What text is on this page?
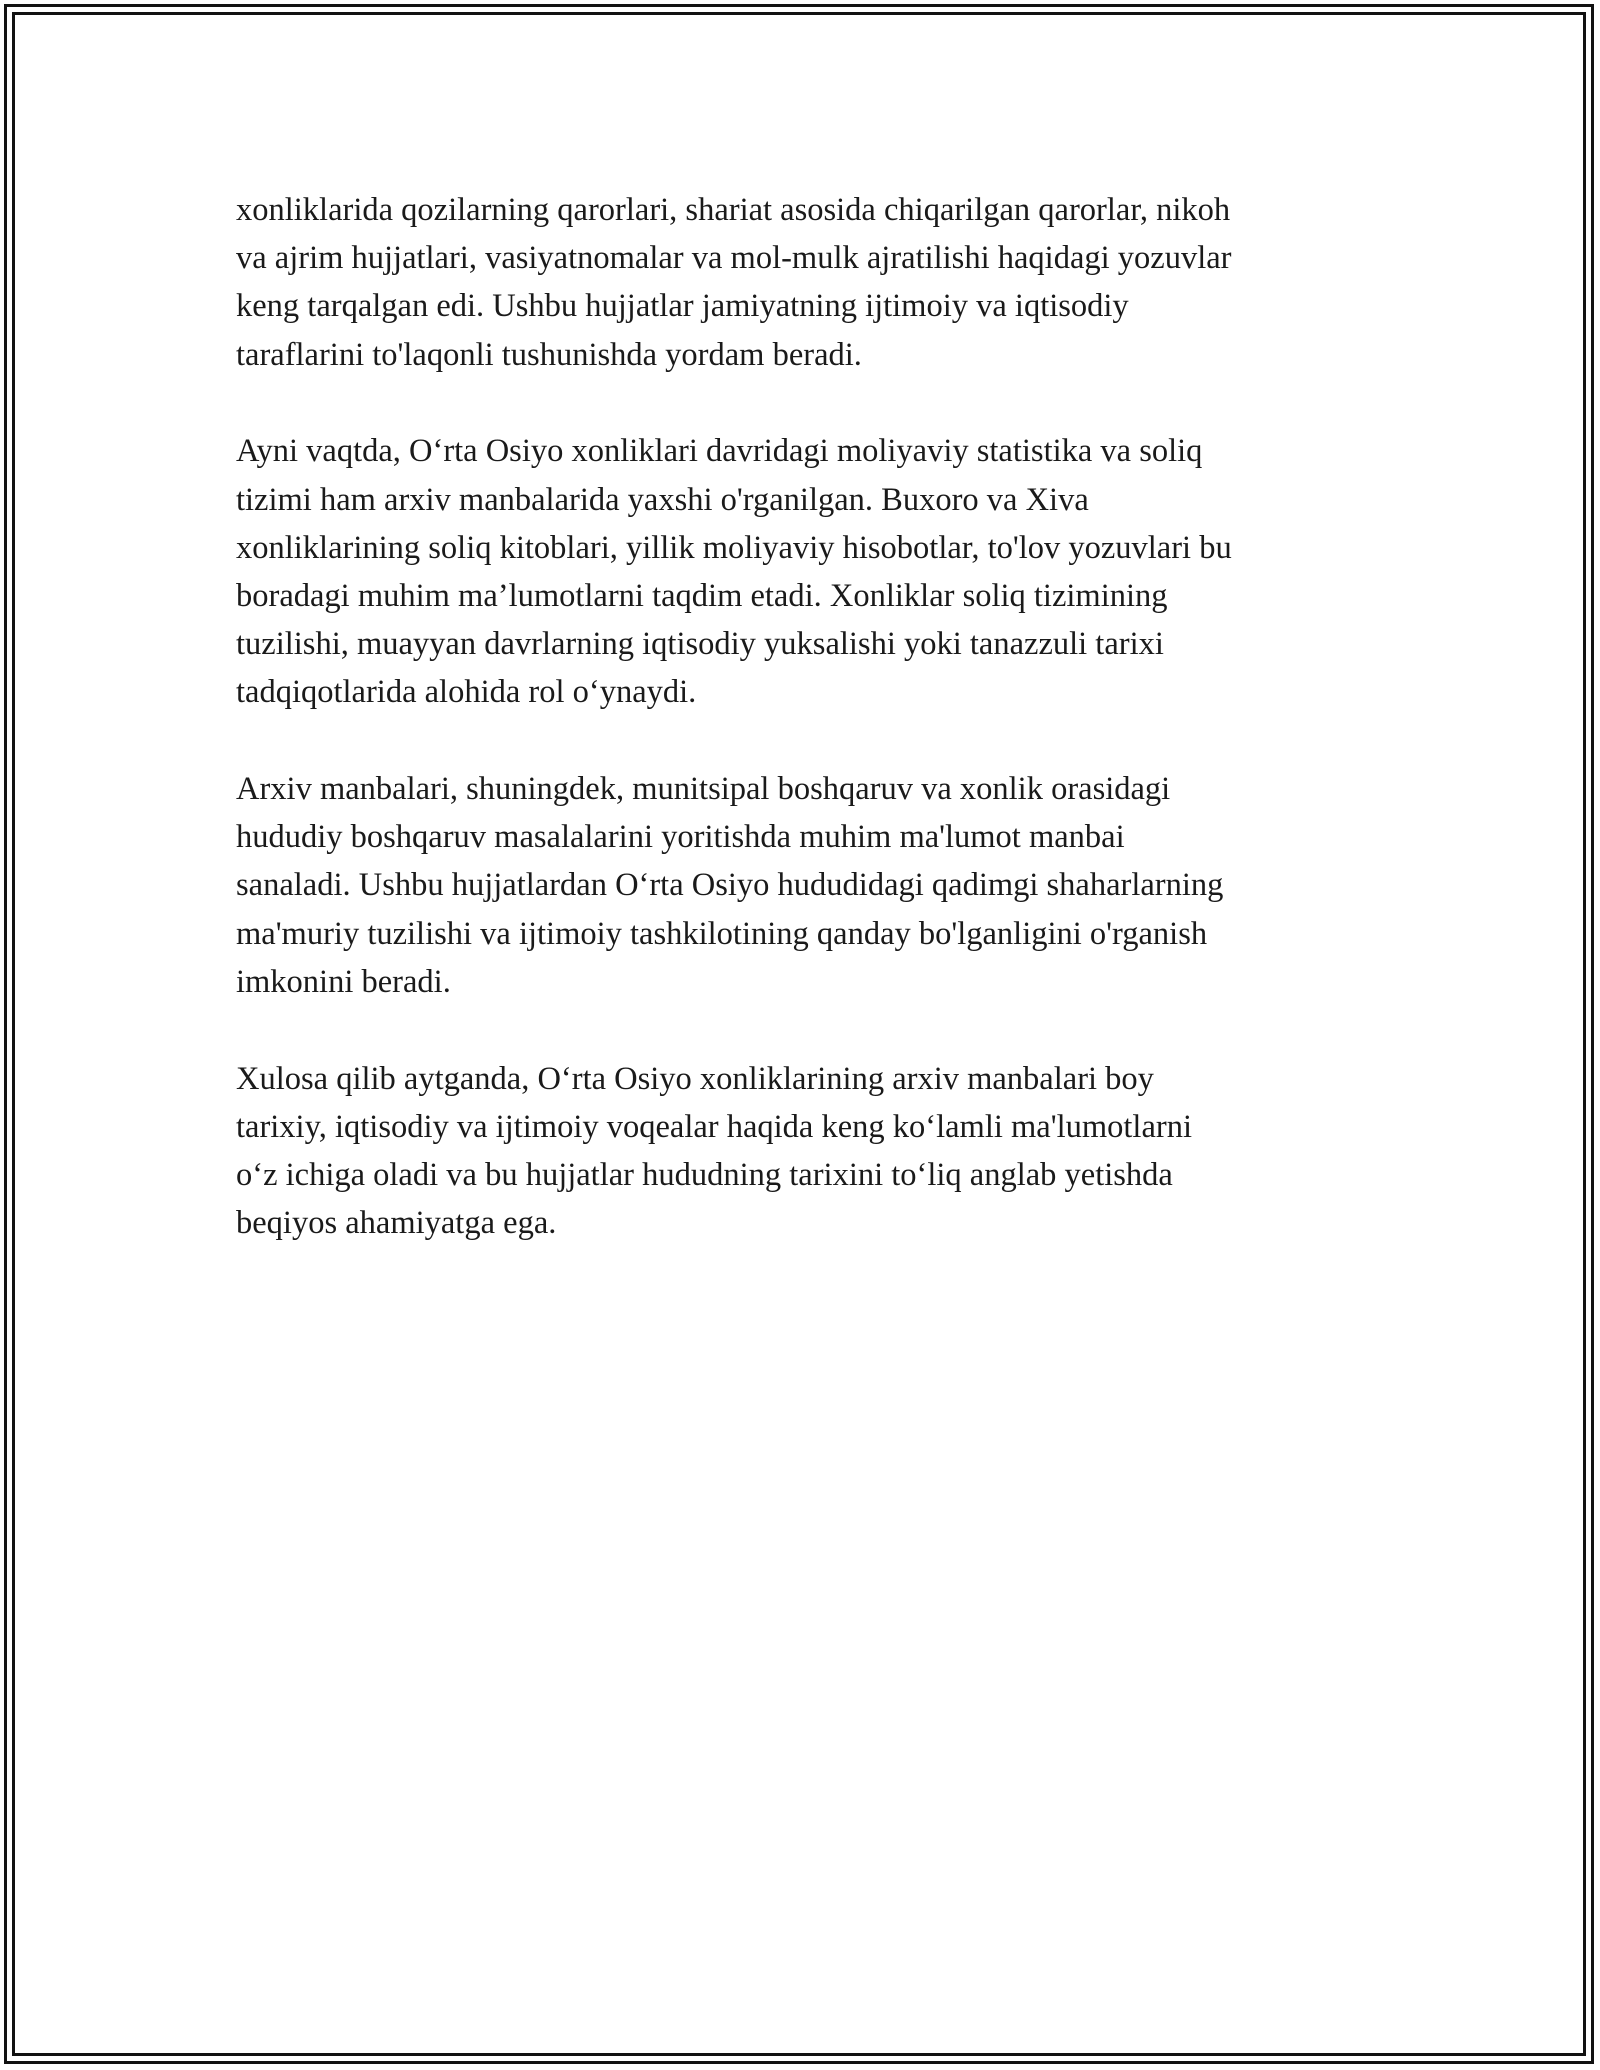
xonliklarida qozilarning qarorlari, shariat asosida chiqarilgan qarorlar, nikoh
va ajrim hujjatlari, vasiyatnomalar va mol-mulk ajratilishi haqidagi yozuvlar
keng tarqalgan edi. Ushbu hujjatlar jamiyatning ijtimoiy va iqtisodiy
taraflarini to'laqonli tushunishda yordam beradi.

Ayni vaqtda, O‘rta Osiyo xonliklari davridagi moliyaviy statistika va soliq
tizimi ham arxiv manbalarida yaxshi o'rganilgan. Buxoro va Xiva
xonliklarining soliq kitoblari, yillik moliyaviy hisobotlar, to'lov yozuvlari bu
boradagi muhim ma’lumotlarni taqdim etadi. Xonliklar soliq tizimining
tuzilishi, muayyan davrlarning iqtisodiy yuksalishi yoki tanazzuli tarixi
tadqiqotlarida alohida rol o‘ynaydi.

Arxiv manbalari, shuningdek, munitsipal boshqaruv va xonlik orasidagi
hududiy boshqaruv masalalarini yoritishda muhim ma'lumot manbai
sanaladi. Ushbu hujjatlardan O‘rta Osiyo hududidagi qadimgi shaharlarning
ma'muriy tuzilishi va ijtimoiy tashkilotining qanday bo'lganligini o'rganish
imkonini beradi.

Xulosa qilib aytganda, O‘rta Osiyo xonliklarining arxiv manbalari boy
tarixiy, iqtisodiy va ijtimoiy voqealar haqida keng ko‘lamli ma'lumotlarni
o‘z ichiga oladi va bu hujjatlar hududning tarixini to‘liq anglab yetishda
beqiyos ahamiyatga ega.
